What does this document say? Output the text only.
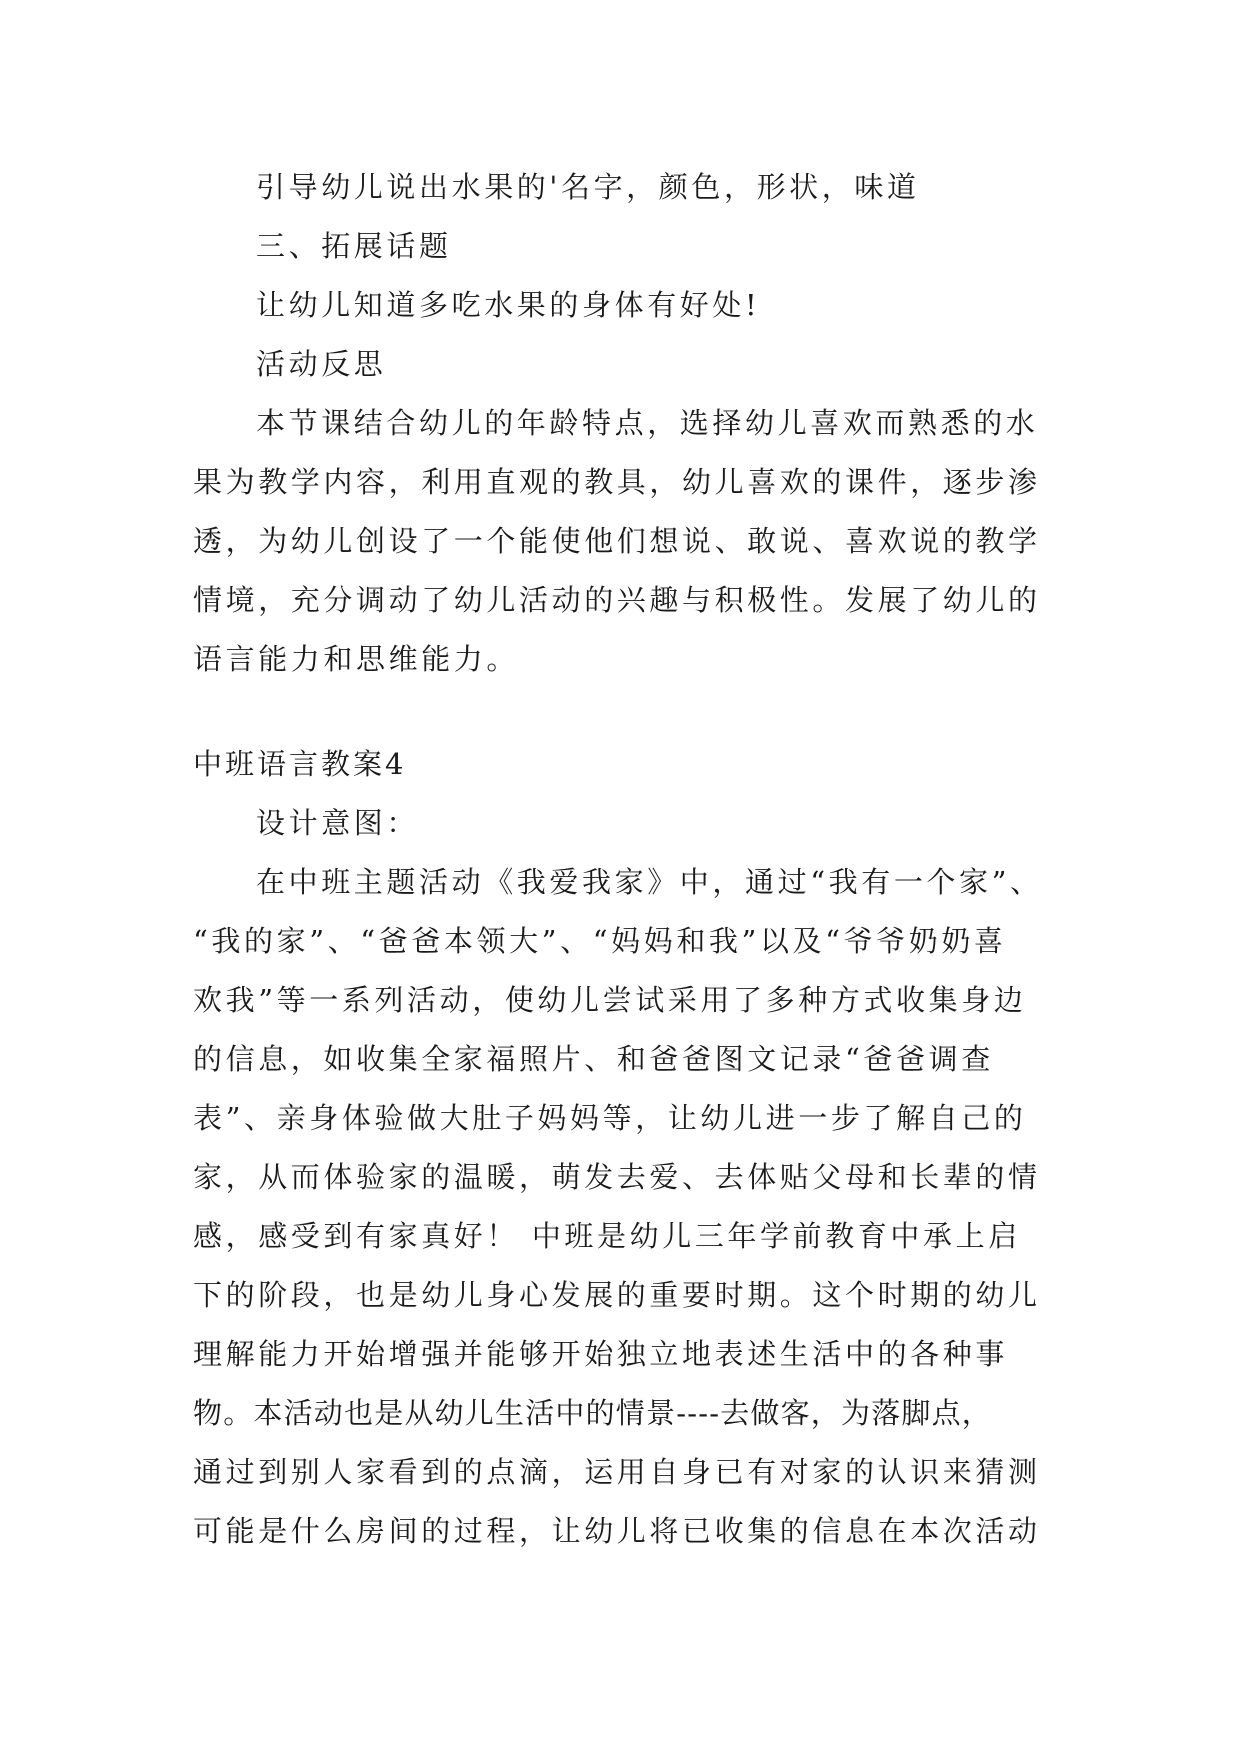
引导幼儿说出水果的'名字，颜色，形状，味道
三、拓展话题
让幼儿知道多吃水果的身体有好处!
活动反思
本节课结合幼儿的年龄特点，选择幼儿喜欢而熟悉的水
果为教学内容，利用直观的教具，幼儿喜欢的课件，逐步渗
透，为幼儿创设了一个能使他们想说、敢说、喜欢说的教学
情境，充分调动了幼儿活动的兴趣与积极性。发展了幼儿的
语言能力和思维能力。
中班语言教案4
设计意图：
在中班主题活动《我爱我家》中，通过“我有一个家”、
“我的家”、“爸爸本领大”、“妈妈和我”以及“爷爷奶奶喜
欢我”等一系列活动，使幼儿尝试采用了多种方式收集身边
的信息，如收集全家福照片、和爸爸图文记录“爸爸调查
表”、亲身体验做大肚子妈妈等，让幼儿进一步了解自己的
家，从而体验家的温暖，萌发去爱、去体贴父母和长辈的情
感，感受到有家真好！ 中班是幼儿三年学前教育中承上启
下的阶段，也是幼儿身心发展的重要时期。这个时期的幼儿
理解能力开始增强并能够开始独立地表述生活中的各种事
物。本活动也是从幼儿生活中的情景----去做客，为落脚点，
通过到别人家看到的点滴，运用自身已有对家的认识来猜测
可能是什么房间的过程，让幼儿将已收集的信息在本次活动
